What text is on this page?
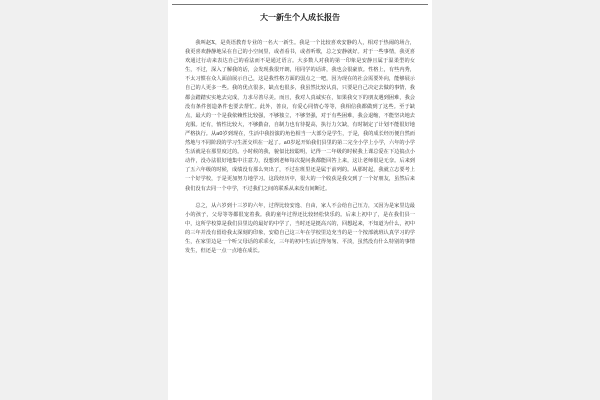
大一新生个人成长报告

我叫赵X，是英语教育专业的一名大一新生。我是一个比较喜欢安静的人，相对于热闹的场合，我更喜欢静静地呆在自己的小空间里，或者看书，或者听歌，总之安静就好。对于一些事情，我更喜欢通过行动来表达自己的看法而不是通过语言。大多数人对我的第一印象是安静且属于温柔型的女生，不过，深入了解我的话，会发现我很开朗，用同学的话讲，我也会很豪放。性格上，有些内秀，不太习惯在众人面前展示自己，这是我性格方面的弱点之一吧，因为现在的社会需要外向，能够展示自己的人更多一些。我的优点很多，缺点也很多，我虽然比较认真，只要是自己决定去做的事情，我都会踏踏实实地去完成，力求尽善尽美。而且，我对人真诚实在，如果我交下的朋友遇到困难，我会没有条件创造条件也要去帮忙。此外，善良，有爱心同情心等等，我相信我都做到了这些。至于缺点，最大的一个是我依赖性比较强，不够独立，不够坚强，对于有些困难，我会退缩，不能坚决地去克服。还有，惰性比较大，不够勤奋，自制力也有待提高，执行力欠缺，有时制定了计划不能很好地严格执行。从a0岁到现在，生活中我扮演的角色相当一大部分是学生，于是，我的成长经历便自然而然地与不同阶段的学习生涯交织在一起了。a0岁起开始我们县里的第二完全小学上小学，六年的小学生活就是在那里度过的。小时候的我，貌似比较聪明，记得一二年级的时候我上课总爱在下边搞点小动作，没办法很好地集中注意力，没想到老师每次提问我都能回答上来，这让老师很是无奈。后来到了五六年级的时候，成绩没有那么突出了，不过在班里还是属于前列的。从那时起，我就立志要考上一个好学校，于是更加努力地学习。这段经历中，很大的一个收获是我交到了一个好朋友，虽然后来我们没有去同一个中学，不过我们之间的联系从来没有间断过。

总之，从六岁到十三岁的六年，过得比较安逸、自由，家人不会给自己压力，又因为是家里边最小的孩子，父母等等都很宠着我。我的童年过得还比较轻松快乐的。后来上初中了，是在我们县一中，这所学校算是我们县里边的最好的中学了，当时还是挺高兴的，回想起来，不知道为什么，初中的三年并没有留给我太深刻的印象，安稳自己这三年在学校里边充当的是一个按部就班认真学习的学生，在家里边是一个听父母话的乖乖女，三年的初中生活过得匆匆、平淡，虽然没有什么特别的事情发生，但还是一点一点地在成长。
